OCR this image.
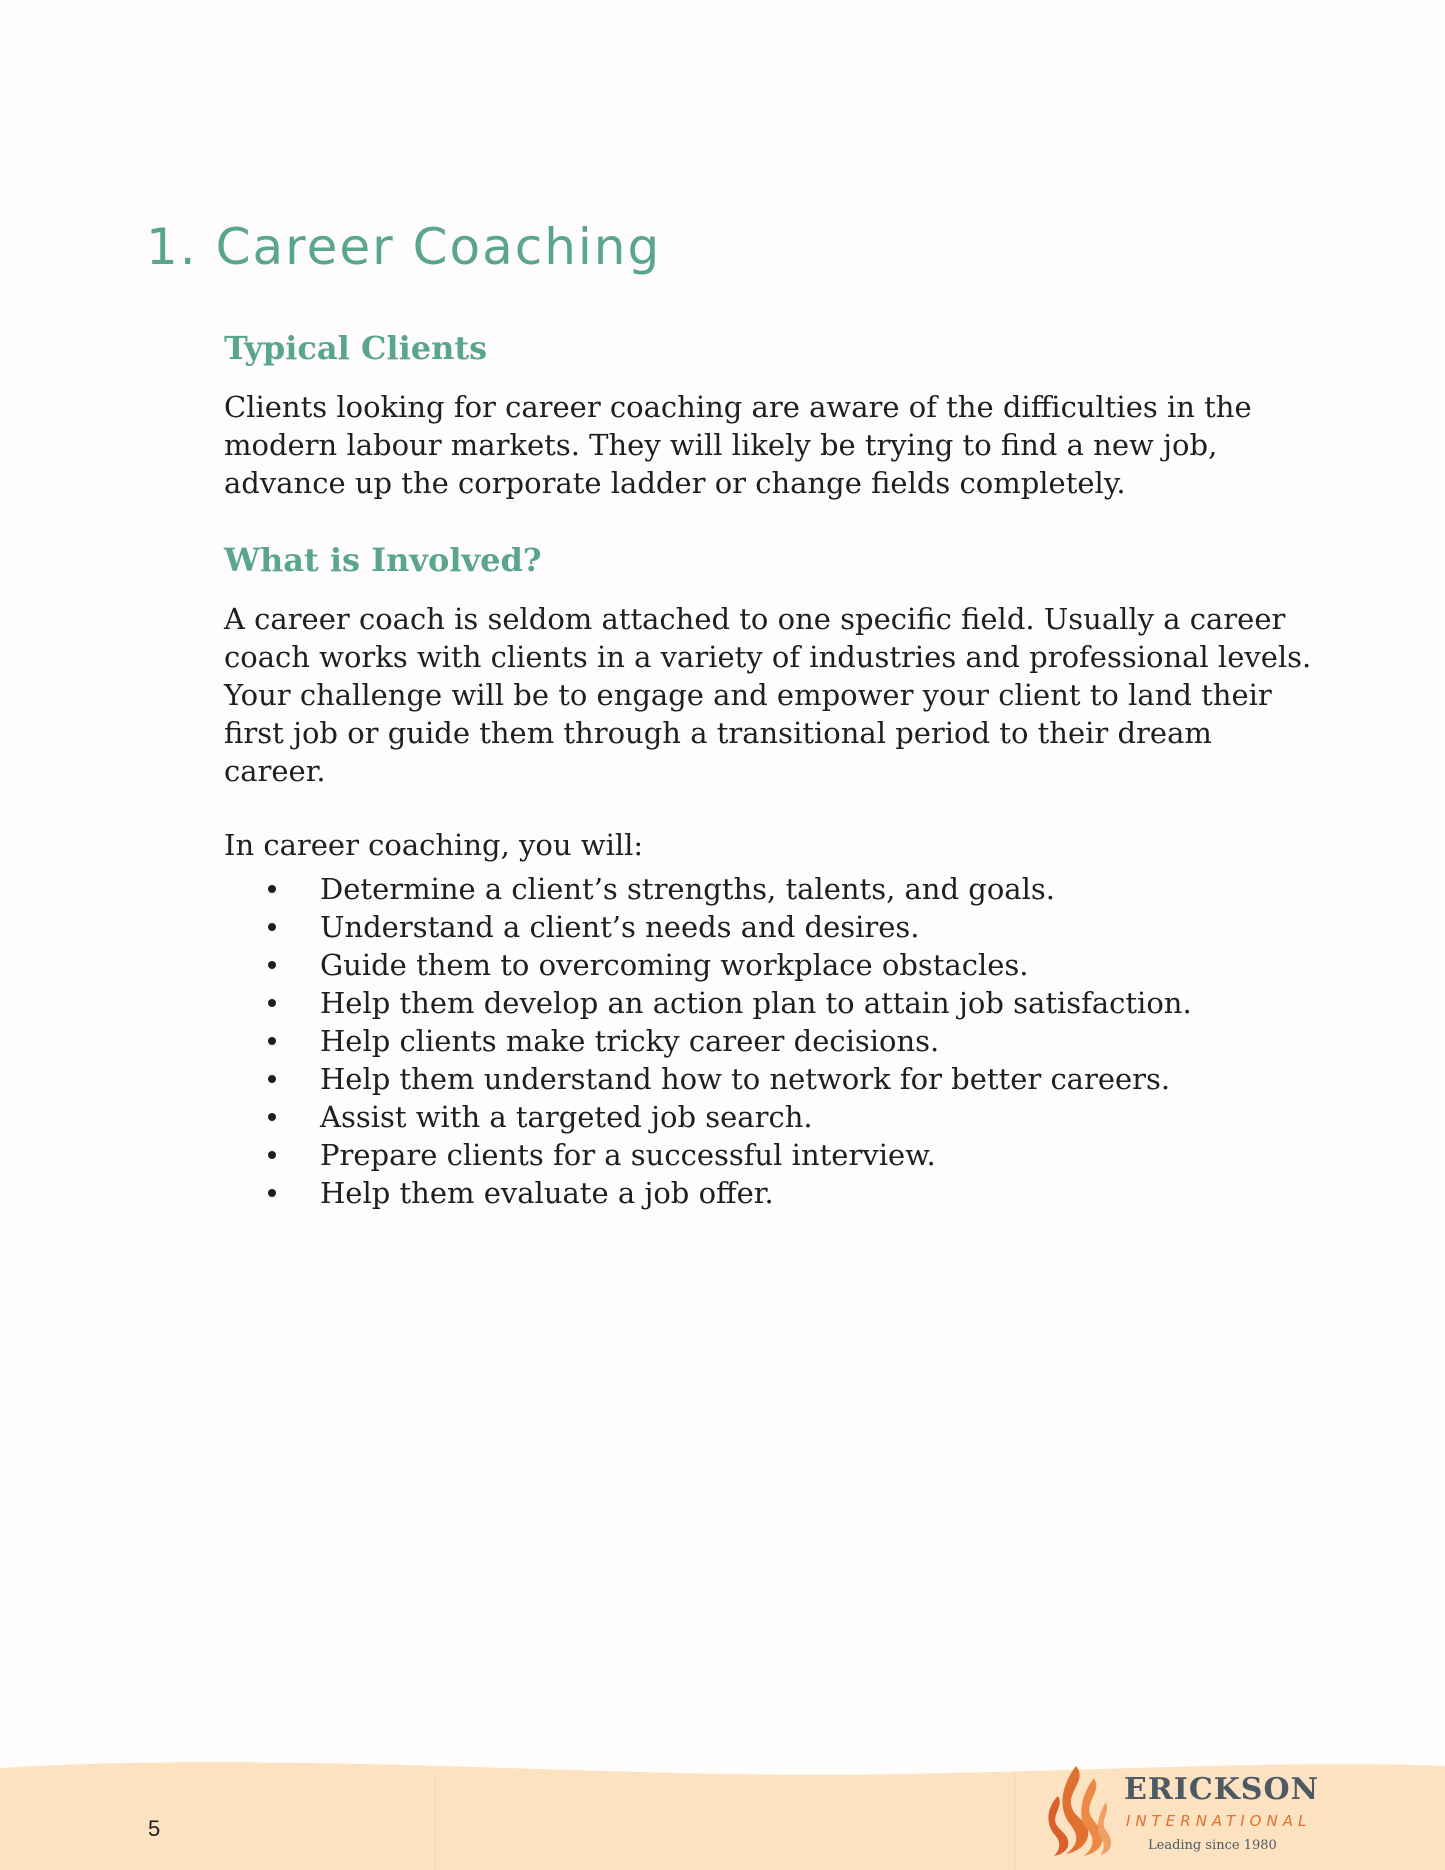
1. Career Coaching
Typical Clients

Clients looking for career coaching are aware of the difficulties in the modern labour markets. They will likely be trying to find a new job, advance up the corporate ladder or change fields completely.

What is Involved?

A career coach is seldom attached to one specific field. Usually a career coach works with clients in a variety of industries and professional levels. Your challenge will be to engage and empower your client to land their first job or guide them through a transitional period to their dream career.

In career coaching, you will:

Determine a client’s strengths, talents, and goals.
Understand a client’s needs and desires.
Guide them to overcoming workplace obstacles.
Help them develop an action plan to attain job satisfaction.
Help clients make tricky career decisions.
Help them understand how to network for better careers.
Assist with a targeted job search.
Prepare clients for a successful interview.
Help them evaluate a job offer.
5
ERICKSON
INTERNATIONAL
Leading since 1980
